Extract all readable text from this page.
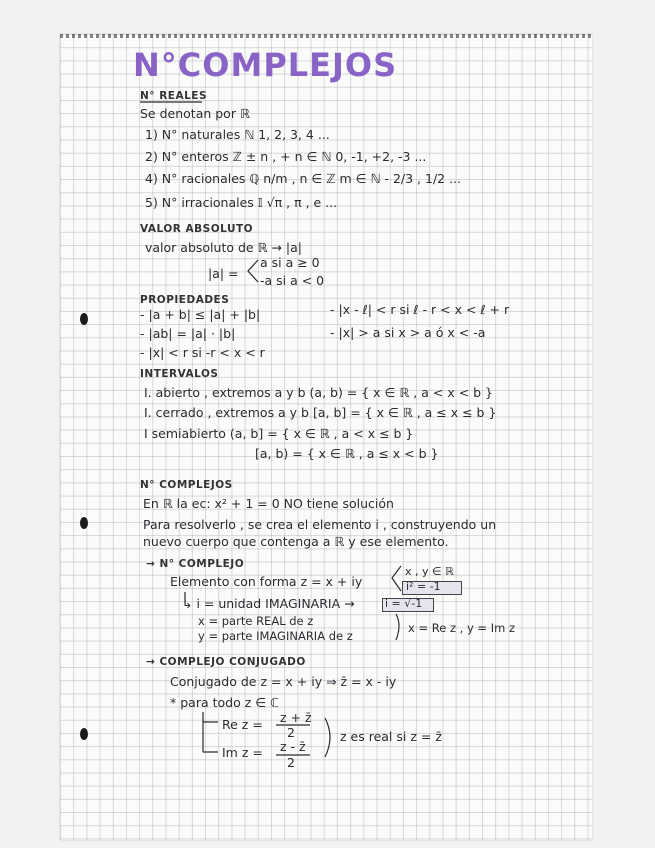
N°COMPLEJOS
N° REALES
Se denotan por ℝ
1) N° naturales ℕ 1, 2, 3, 4 ...
2) N° enteros ℤ ± n , + n ∈ ℕ 0, -1, +2, -3 ...
4) N° racionales ℚ n/m , n ∈ ℤ m ∈ ℕ - 2/3 , 1/2 ...
5) N° irracionales 𝕀 √π , π , e ...
VALOR ABSOLUTO
valor absoluto de ℝ → |a|
|a| =
a si a ≥ 0
-a si a < 0
PROPIEDADES
- |a + b| ≤ |a| + |b|
- |ab| = |a| · |b|
- |x| < r si -r < x < r
- |x - ℓ| < r si ℓ - r < x < ℓ + r
- |x| > a si x > a ó x < -a
INTERVALOS
I. abierto , extremos a y b (a, b) = { x ∈ ℝ , a < x < b }
I. cerrado , extremos a y b [a, b] = { x ∈ ℝ , a ≤ x ≤ b }
I semiabierto (a, b] = { x ∈ ℝ , a < x ≤ b }
[a, b) = { x ∈ ℝ , a ≤ x < b }
N° COMPLEJOS
En ℝ la ec: x² + 1 = 0 NO tiene solución
Para resolverlo , se crea el elemento i , construyendo un
nuevo cuerpo que contenga a ℝ y ese elemento.
→ N° COMPLEJO
Elemento con forma z = x + iy
x , y ∈ ℝ
i² = -1
↳ i = unidad IMAGINARIA →	i = √-1
x = parte REAL de z
y = parte IMAGINARIA de z
x = Re z , y = Im z
→ COMPLEJO CONJUGADO
Conjugado de z = x + iy ⇒ z̄ = x - iy
* para todo z ∈ ℂ
Re z = z + z̄
2
Im z = z - z̄
2
z es real si z = z̄
